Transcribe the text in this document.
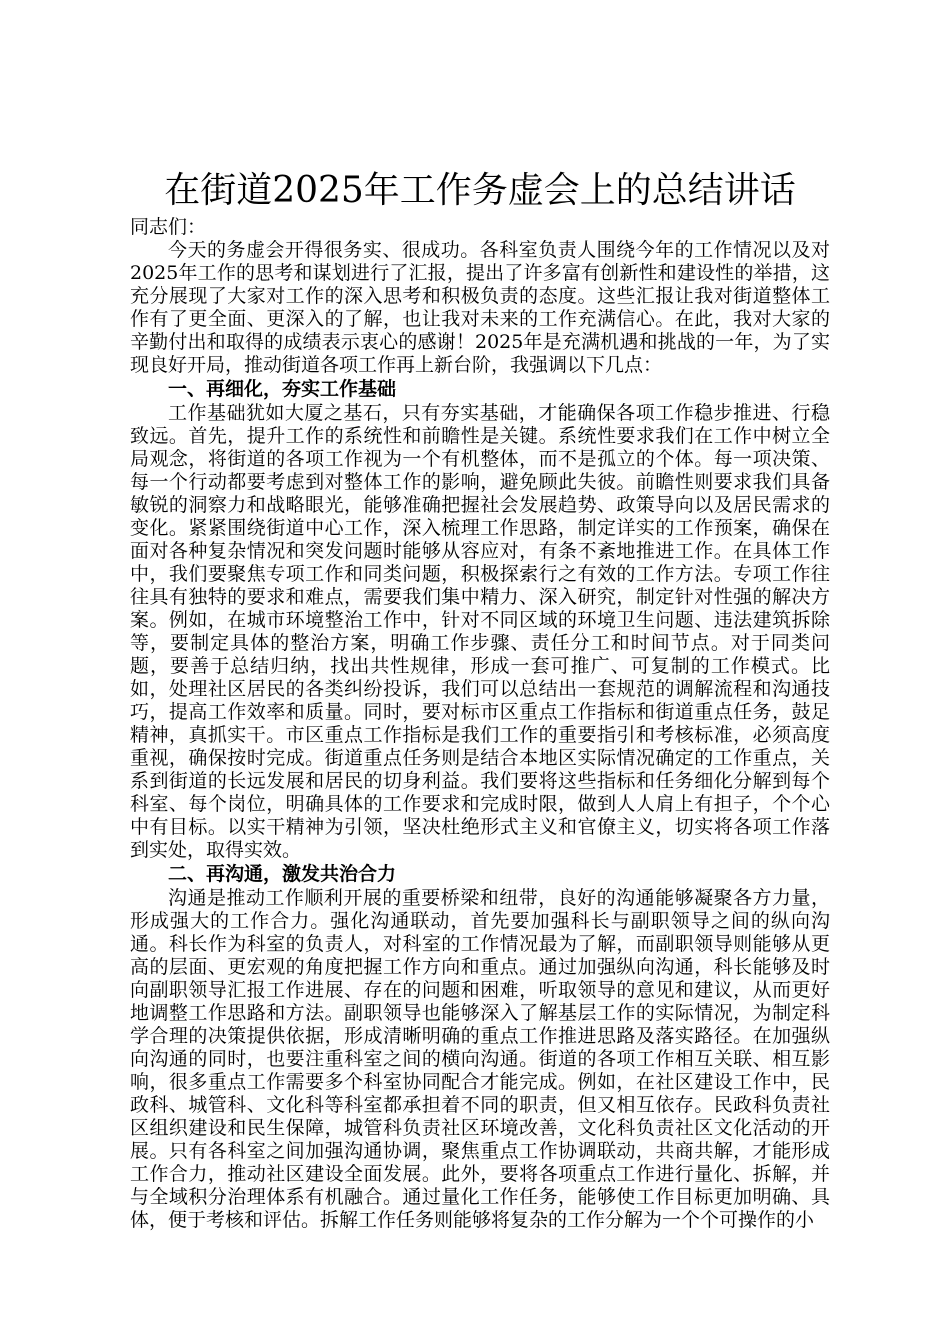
在街道2025年工作务虚会上的总结讲话

同志们：

今天的务虚会开得很务实、很成功。各科室负责人围绕今年的工作情况以及对2025年工作的思考和谋划进行了汇报，提出了许多富有创新性和建设性的举措，这充分展现了大家对工作的深入思考和积极负责的态度。这些汇报让我对街道整体工作有了更全面、更深入的了解，也让我对未来的工作充满信心。在此，我对大家的辛勤付出和取得的成绩表示衷心的感谢！2025年是充满机遇和挑战的一年，为了实现良好开局，推动街道各项工作再上新台阶，我强调以下几点：

一、再细化，夯实工作基础

工作基础犹如大厦之基石，只有夯实基础，才能确保各项工作稳步推进、行稳致远。首先，提升工作的系统性和前瞻性是关键。系统性要求我们在工作中树立全局观念，将街道的各项工作视为一个有机整体，而不是孤立的个体。每一项决策、每一个行动都要考虑到对整体工作的影响，避免顾此失彼。前瞻性则要求我们具备敏锐的洞察力和战略眼光，能够准确把握社会发展趋势、政策导向以及居民需求的变化。紧紧围绕街道中心工作，深入梳理工作思路，制定详实的工作预案，确保在面对各种复杂情况和突发问题时能够从容应对，有条不紊地推进工作。在具体工作中，我们要聚焦专项工作和同类问题，积极探索行之有效的工作方法。专项工作往往具有独特的要求和难点，需要我们集中精力、深入研究，制定针对性强的解决方案。例如，在城市环境整治工作中，针对不同区域的环境卫生问题、违法建筑拆除等，要制定具体的整治方案，明确工作步骤、责任分工和时间节点。对于同类问题，要善于总结归纳，找出共性规律，形成一套可推广、可复制的工作模式。比如，处理社区居民的各类纠纷投诉，我们可以总结出一套规范的调解流程和沟通技巧，提高工作效率和质量。同时，要对标市区重点工作指标和街道重点任务，鼓足精神，真抓实干。市区重点工作指标是我们工作的重要指引和考核标准，必须高度重视，确保按时完成。街道重点任务则是结合本地区实际情况确定的工作重点，关系到街道的长远发展和居民的切身利益。我们要将这些指标和任务细化分解到每个科室、每个岗位，明确具体的工作要求和完成时限，做到人人肩上有担子，个个心中有目标。以实干精神为引领，坚决杜绝形式主义和官僚主义，切实将各项工作落到实处，取得实效。

二、再沟通，激发共治合力

沟通是推动工作顺利开展的重要桥梁和纽带，良好的沟通能够凝聚各方力量，形成强大的工作合力。强化沟通联动，首先要加强科长与副职领导之间的纵向沟通。科长作为科室的负责人，对科室的工作情况最为了解，而副职领导则能够从更高的层面、更宏观的角度把握工作方向和重点。通过加强纵向沟通，科长能够及时向副职领导汇报工作进展、存在的问题和困难，听取领导的意见和建议，从而更好地调整工作思路和方法。副职领导也能够深入了解基层工作的实际情况，为制定科学合理的决策提供依据，形成清晰明确的重点工作推进思路及落实路径。在加强纵向沟通的同时，也要注重科室之间的横向沟通。街道的各项工作相互关联、相互影响，很多重点工作需要多个科室协同配合才能完成。例如，在社区建设工作中，民政科、城管科、文化科等科室都承担着不同的职责，但又相互依存。民政科负责社区组织建设和民生保障，城管科负责社区环境改善，文化科负责社区文化活动的开展。只有各科室之间加强沟通协调，聚焦重点工作协调联动，共商共解，才能形成工作合力，推动社区建设全面发展。此外，要将各项重点工作进行量化、拆解，并与全域积分治理体系有机融合。通过量化工作任务，能够使工作目标更加明确、具体，便于考核和评估。拆解工作任务则能够将复杂的工作分解为一个个可操作的小
